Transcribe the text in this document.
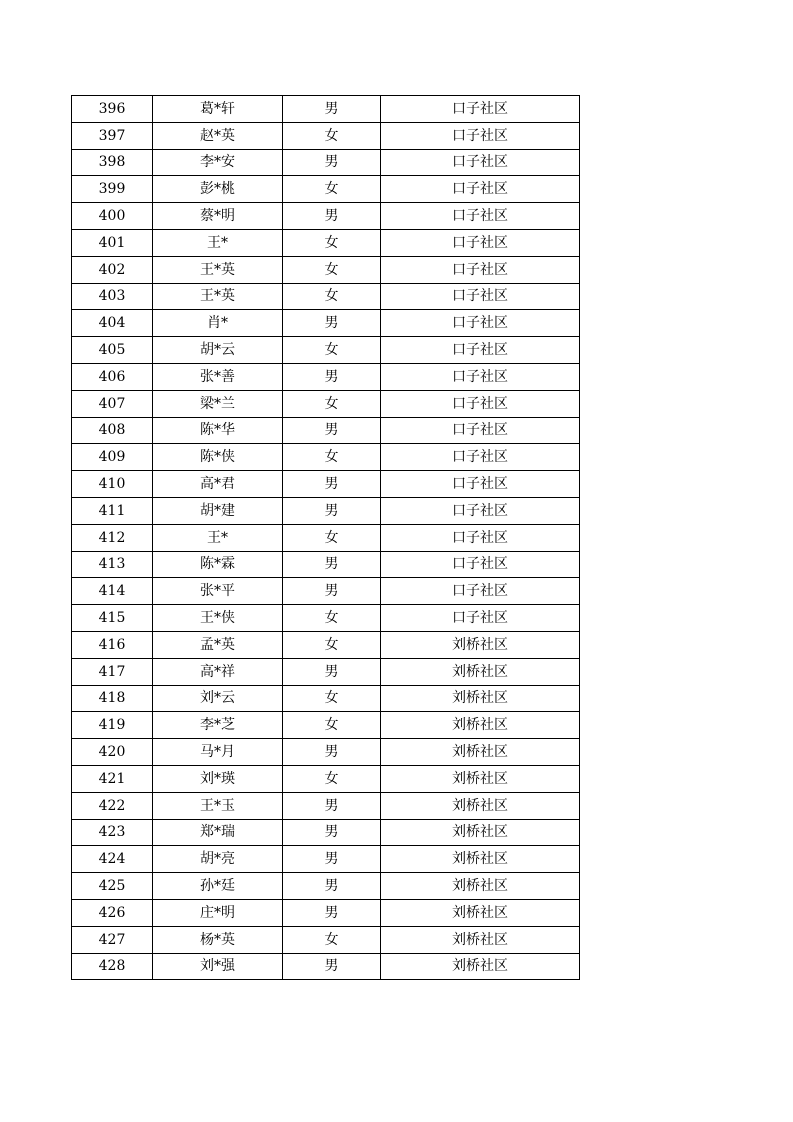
396	葛*轩	男	口子社区
397	赵*英	女	口子社区
398	李*安	男	口子社区
399	彭*桃	女	口子社区
400	蔡*明	男	口子社区
401	王*	女	口子社区
402	王*英	女	口子社区
403	王*英	女	口子社区
404	肖*	男	口子社区
405	胡*云	女	口子社区
406	张*善	男	口子社区
407	梁*兰	女	口子社区
408	陈*华	男	口子社区
409	陈*侠	女	口子社区
410	高*君	男	口子社区
411	胡*建	男	口子社区
412	王*	女	口子社区
413	陈*霖	男	口子社区
414	张*平	男	口子社区
415	王*侠	女	口子社区
416	孟*英	女	刘桥社区
417	高*祥	男	刘桥社区
418	刘*云	女	刘桥社区
419	李*芝	女	刘桥社区
420	马*月	男	刘桥社区
421	刘*瑛	女	刘桥社区
422	王*玉	男	刘桥社区
423	郑*瑞	男	刘桥社区
424	胡*亮	男	刘桥社区
425	孙*廷	男	刘桥社区
426	庄*明	男	刘桥社区
427	杨*英	女	刘桥社区
428	刘*强	男	刘桥社区
